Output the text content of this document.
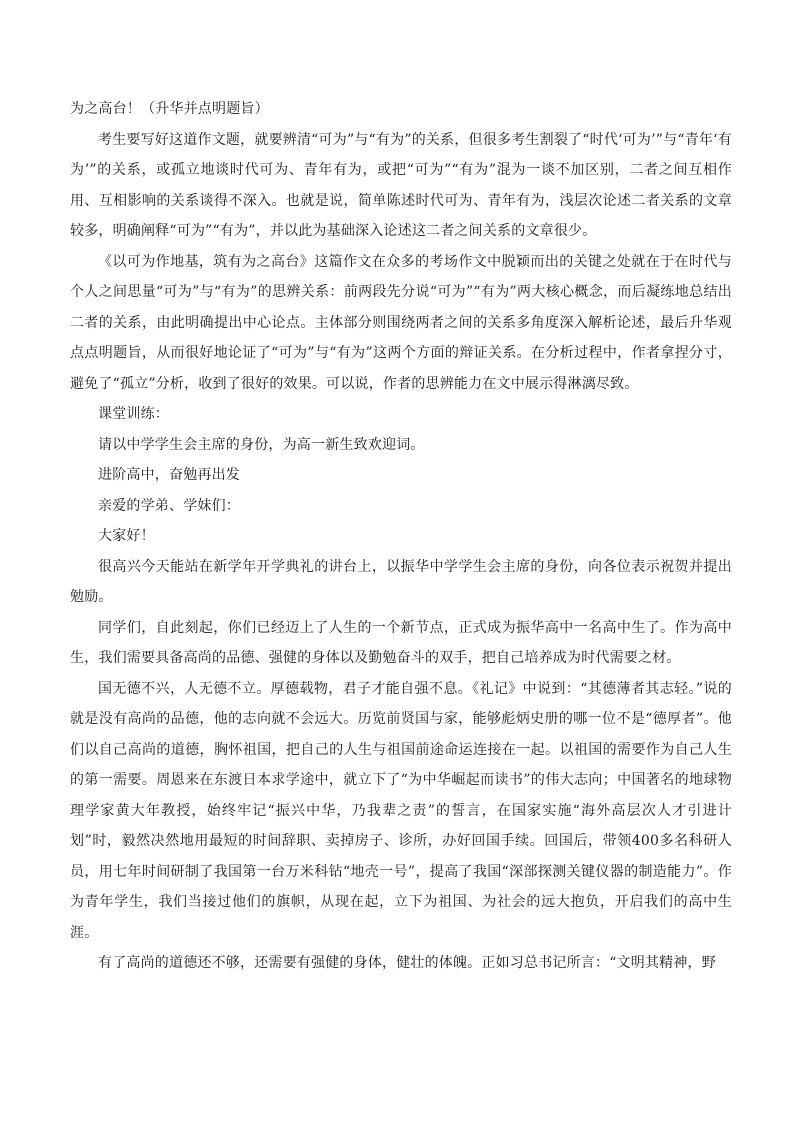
为之高台！（升华并点明题旨）

考生要写好这道作文题，就要辨清“可为”与“有为”的关系，但很多考生割裂了“时代‘可为’”与“青年‘有为’”的关系，或孤立地谈时代可为、青年有为，或把“可为”“有为”混为一谈不加区别，二者之间互相作用、互相影响的关系谈得不深入。也就是说，简单陈述时代可为、青年有为，浅层次论述二者关系的文章较多，明确阐释“可为”“有为”，并以此为基础深入论述这二者之间关系的文章很少。

《以可为作地基，筑有为之高台》这篇作文在众多的考场作文中脱颖而出的关键之处就在于在时代与个人之间思量“可为”与“有为”的思辨关系：前两段先分说“可为”“有为”两大核心概念，而后凝练地总结出二者的关系，由此明确提出中心论点。主体部分则围绕两者之间的关系多角度深入解析论述，最后升华观点点明题旨，从而很好地论证了“可为”与“有为”这两个方面的辩证关系。在分析过程中，作者拿捏分寸，避免了“孤立”分析，收到了很好的效果。可以说，作者的思辨能力在文中展示得淋漓尽致。

课堂训练：

请以中学学生会主席的身份，为高一新生致欢迎词。

进阶高中，奋勉再出发

亲爱的学弟、学妹们：

大家好！

很高兴今天能站在新学年开学典礼的讲台上，以振华中学学生会主席的身份，向各位表示祝贺并提出勉励。

同学们，自此刻起，你们已经迈上了人生的一个新节点，正式成为振华高中一名高中生了。作为高中生，我们需要具备高尚的品德、强健的身体以及勤勉奋斗的双手，把自己培养成为时代需要之材。

国无德不兴，人无德不立。厚德载物，君子才能自强不息。《礼记》中说到：“其德薄者其志轻。”说的就是没有高尚的品德，他的志向就不会远大。历览前贤国与家，能够彪炳史册的哪一位不是“德厚者”。他们以自己高尚的道德，胸怀祖国，把自己的人生与祖国前途命运连接在一起。以祖国的需要作为自己人生的第一需要。周恩来在东渡日本求学途中，就立下了“为中华崛起而读书”的伟大志向；中国著名的地球物理学家黄大年教授，始终牢记“振兴中华，乃我辈之责”的誓言，在国家实施“海外高层次人才引进计划”时，毅然决然地用最短的时间辞职、卖掉房子、诊所，办好回国手续。回国后，带领400多名科研人员，用七年时间研制了我国第一台万米科钻“地壳一号”，提高了我国“深部探测关键仪器的制造能力”。作为青年学生，我们当接过他们的旗帜，从现在起，立下为祖国、为社会的远大抱负，开启我们的高中生涯。

有了高尚的道德还不够，还需要有强健的身体，健壮的体魄。正如习总书记所言：“文明其精神，野
